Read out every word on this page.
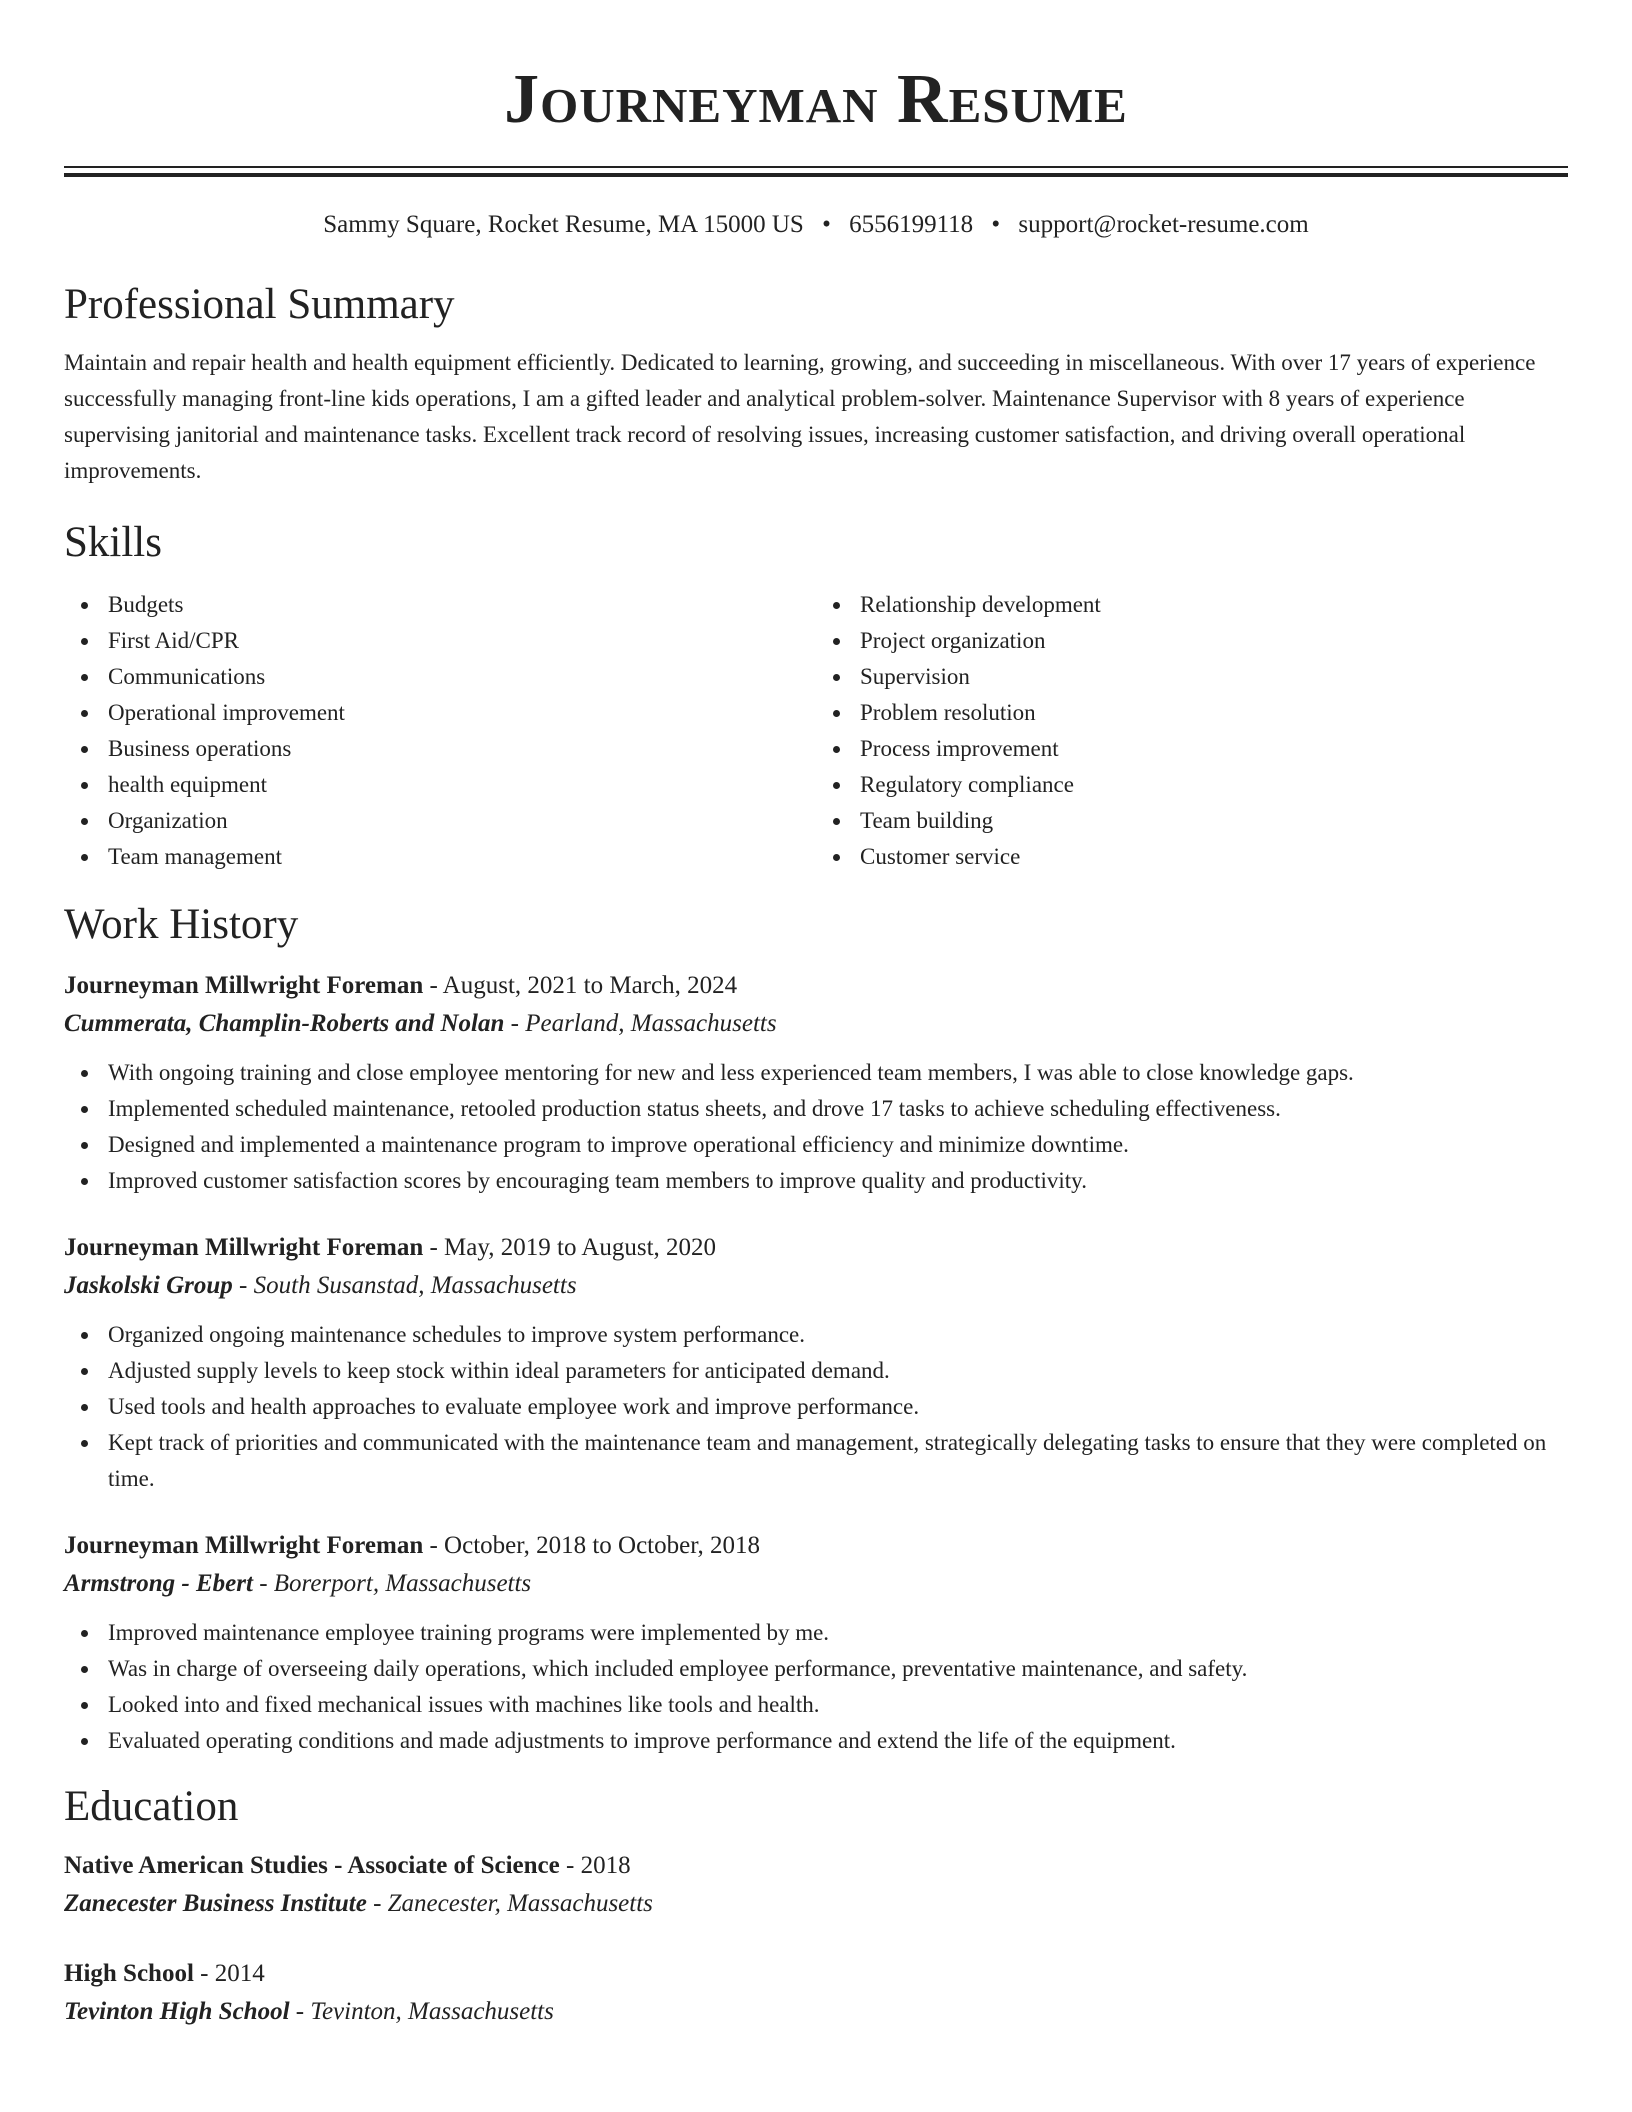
Journeyman Resume
Sammy Square, Rocket Resume, MA 15000 US • 6556199118 • support@rocket-resume.com
Professional Summary
Maintain and repair health and health equipment efficiently. Dedicated to learning, growing, and succeeding in miscellaneous. With over 17 years of experience successfully managing front-line kids operations, I am a gifted leader and analytical problem-solver. Maintenance Supervisor with 8 years of experience supervising janitorial and maintenance tasks. Excellent track record of resolving issues, increasing customer satisfaction, and driving overall operational improvements.
Skills
Budgets
First Aid/CPR
Communications
Operational improvement
Business operations
health equipment
Organization
Team management
Relationship development
Project organization
Supervision
Problem resolution
Process improvement
Regulatory compliance
Team building
Customer service
Work History
Journeyman Millwright Foreman - August, 2021 to March, 2024
Cummerata, Champlin-Roberts and Nolan - Pearland, Massachusetts
With ongoing training and close employee mentoring for new and less experienced team members, I was able to close knowledge gaps.
Implemented scheduled maintenance, retooled production status sheets, and drove 17 tasks to achieve scheduling effectiveness.
Designed and implemented a maintenance program to improve operational efficiency and minimize downtime.
Improved customer satisfaction scores by encouraging team members to improve quality and productivity.
Journeyman Millwright Foreman - May, 2019 to August, 2020
Jaskolski Group - South Susanstad, Massachusetts
Organized ongoing maintenance schedules to improve system performance.
Adjusted supply levels to keep stock within ideal parameters for anticipated demand.
Used tools and health approaches to evaluate employee work and improve performance.
Kept track of priorities and communicated with the maintenance team and management, strategically delegating tasks to ensure that they were completed on time.
Journeyman Millwright Foreman - October, 2018 to October, 2018
Armstrong - Ebert - Borerport, Massachusetts
Improved maintenance employee training programs were implemented by me.
Was in charge of overseeing daily operations, which included employee performance, preventative maintenance, and safety.
Looked into and fixed mechanical issues with machines like tools and health.
Evaluated operating conditions and made adjustments to improve performance and extend the life of the equipment.
Education
Native American Studies - Associate of Science - 2018
Zanecester Business Institute - Zanecester, Massachusetts
High School - 2014
Tevinton High School - Tevinton, Massachusetts
